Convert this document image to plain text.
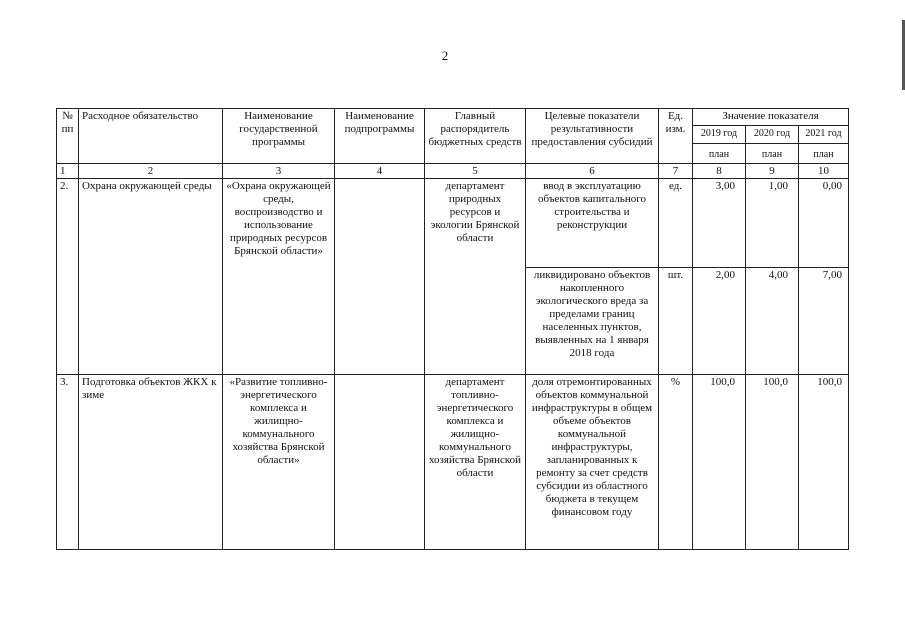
2
№ пп	Расходное обязательство	Наименование государственной программы	Наименование подпрограммы	Главный распорядитель бюджетных средств	Целевые показатели результативности предоставления субсидий	Ед. изм.	Значение показателя		
							2019 год	2020 год	2021 год
							план	план	план
1	2	3	4	5	6	7	8	9	10
2.	Охрана окружающей среды	«Охрана окружающей среды, воспроизводство и использование природных ресурсов Брянской области»		департамент природных ресурсов и экологии Брянской области	ввод в эксплуатацию объектов капитального строительства и реконструкции	ед.	3,00	1,00	0,00
					ликвидировано объектов накопленного экологического вреда за пределами границ населенных пунктов, выявленных на 1 января 2018 года	шт.	2,00	4,00	7,00
3.	Подготовка объектов ЖКХ к зиме	«Развитие топливно-энергетического комплекса и жилищно-коммунального хозяйства Брянской области»		департамент топливно-энергетического комплекса и жилищно-коммунального хозяйства Брянской области	доля отремонтированных объектов коммунальной инфраструктуры в общем объеме объектов коммунальной инфраструктуры, запланированных к ремонту за счет средств субсидии из областного бюджета в текущем финансовом году	%	100,0	100,0	100,0
